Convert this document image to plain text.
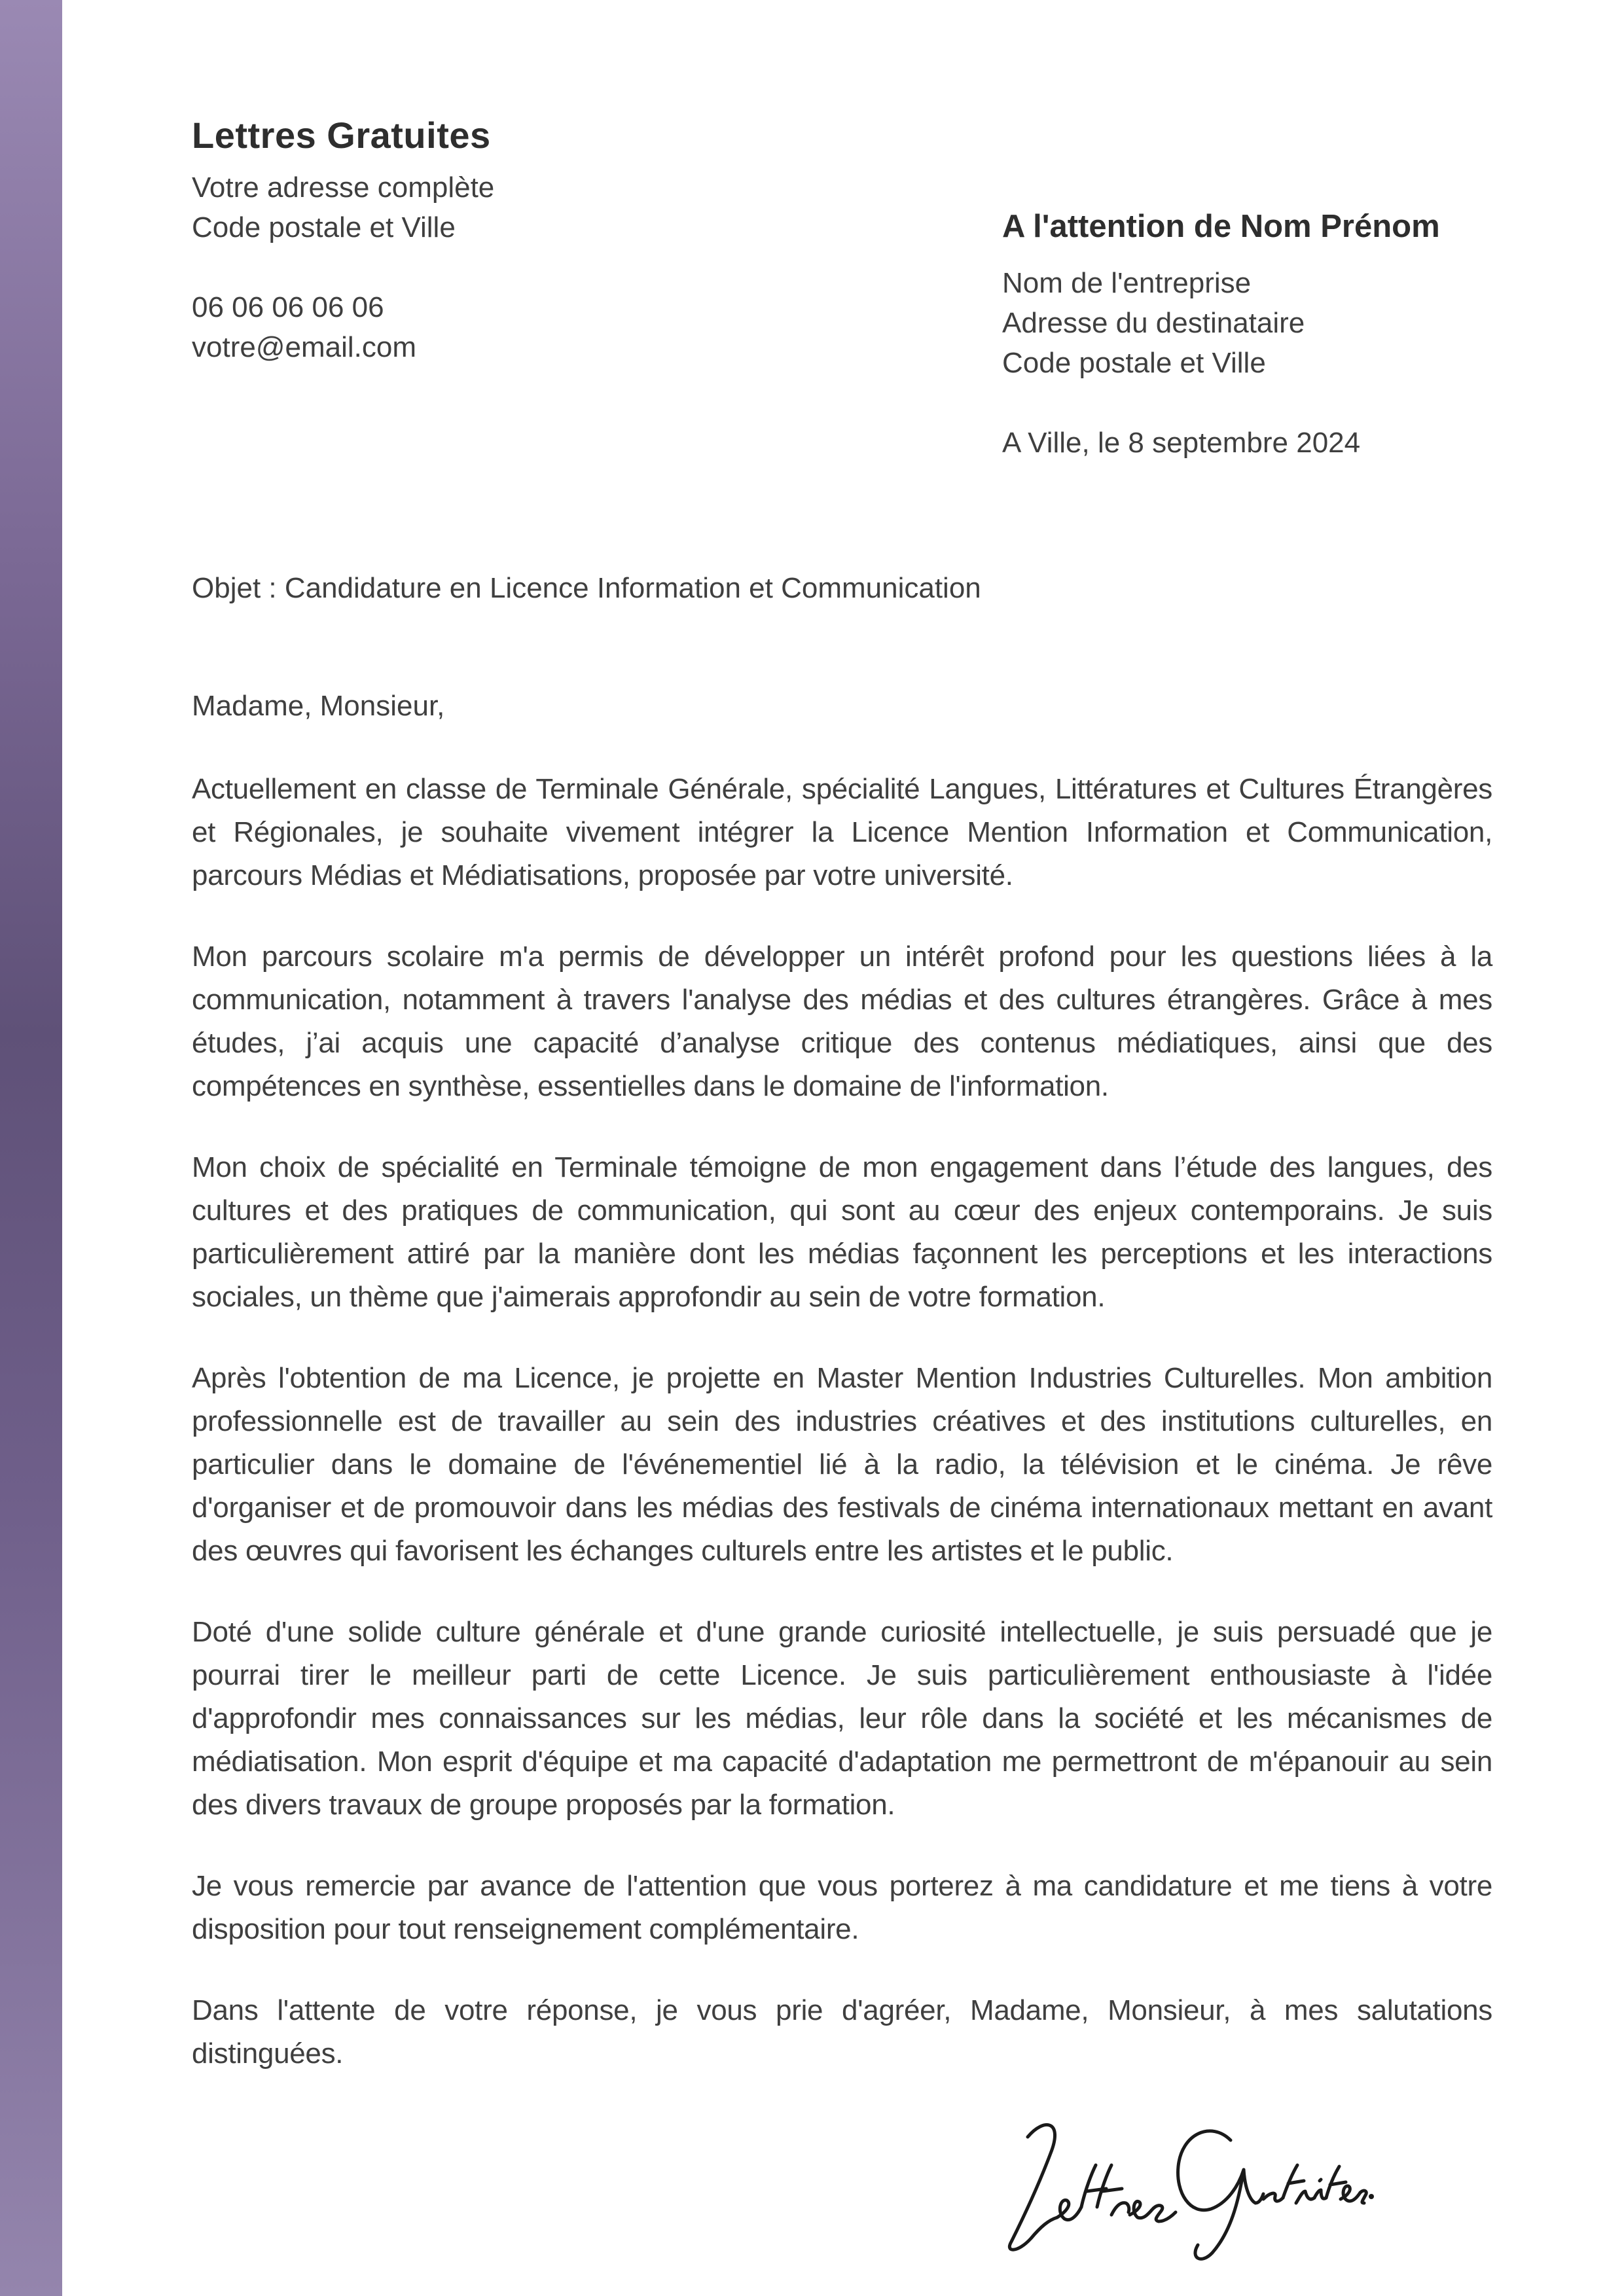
Lettres Gratuites

Votre adresse complète

Code postale et Ville

06 06 06 06 06

votre@email.com

A l'attention de Nom Prénom

Nom de l'entreprise

Adresse du destinataire

Code postale et Ville

A Ville, le 8 septembre 2024

Objet : Candidature en Licence Information et Communication

Madame, Monsieur,

Actuellement en classe de Terminale Générale, spécialité Langues, Littératures et Cultures Étrangères et Régionales, je souhaite vivement intégrer la Licence Mention Information et Communication, parcours Médias et Médiatisations, proposée par votre université.

Mon parcours scolaire m'a permis de développer un intérêt profond pour les questions liées à la communication, notamment à travers l'analyse des médias et des cultures étrangères. Grâce à mes études, j’ai acquis une capacité d’analyse critique des contenus médiatiques, ainsi que des compétences en synthèse, essentielles dans le domaine de l'information.

Mon choix de spécialité en Terminale témoigne de mon engagement dans l’étude des langues, des cultures et des pratiques de communication, qui sont au cœur des enjeux contemporains. Je suis particulièrement attiré par la manière dont les médias façonnent les perceptions et les interactions sociales, un thème que j'aimerais approfondir au sein de votre formation.

Après l'obtention de ma Licence, je projette en Master Mention Industries Culturelles. Mon ambition professionnelle est de travailler au sein des industries créatives et des institutions culturelles, en particulier dans le domaine de l'événementiel lié à la radio, la télévision et le cinéma. Je rêve d'organiser et de promouvoir dans les médias des festivals de cinéma internationaux mettant en avant des œuvres qui favorisent les échanges culturels entre les artistes et le public.

Doté d'une solide culture générale et d'une grande curiosité intellectuelle, je suis persuadé que je pourrai tirer le meilleur parti de cette Licence. Je suis particulièrement enthousiaste à l'idée d'approfondir mes connaissances sur les médias, leur rôle dans la société et les mécanismes de médiatisation. Mon esprit d'équipe et ma capacité d'adaptation me permettront de m'épanouir au sein des divers travaux de groupe proposés par la formation.

Je vous remercie par avance de l'attention que vous porterez à ma candidature et me tiens à votre disposition pour tout renseignement complémentaire.

Dans l'attente de votre réponse, je vous prie d'agréer, Madame, Monsieur, à mes salutations distinguées.
